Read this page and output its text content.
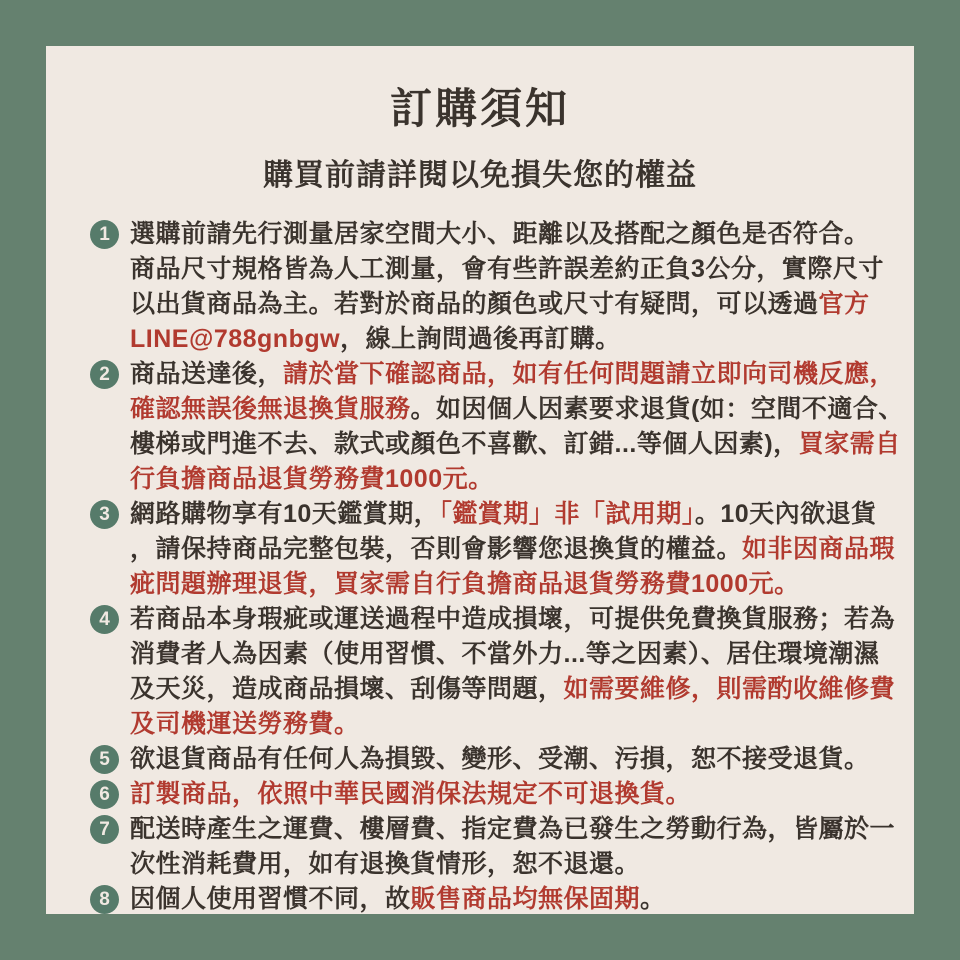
訂購須知
購買前請詳閱以免損失您的權益
1 選購前請先行測量居家空間大小、距離以及搭配之顏色是否符合。
商品尺寸規格皆為人工測量，會有些許誤差約正負3公分，實際尺寸
以出貨商品為主。若對於商品的顏色或尺寸有疑問，可以透過官方
LINE@788gnbgw，線上詢問過後再訂購。
2 商品送達後，請於當下確認商品，如有任何問題請立即向司機反應，
確認無誤後無退換貨服務。如因個人因素要求退貨(如：空間不適合、
樓梯或門進不去、款式或顏色不喜歡、訂錯...等個人因素)，買家需自
行負擔商品退貨勞務費1000元。
3 網路購物享有10天鑑賞期，「鑑賞期」非「試用期」。10天內欲退貨
，請保持商品完整包裝，否則會影響您退換貨的權益。如非因商品瑕
疵問題辦理退貨，買家需自行負擔商品退貨勞務費1000元。
4 若商品本身瑕疵或運送過程中造成損壞，可提供免費換貨服務；若為
消費者人為因素（使用習慣、不當外力...等之因素）、居住環境潮濕
及天災，造成商品損壞、刮傷等問題，如需要維修，則需酌收維修費
及司機運送勞務費。
5 欲退貨商品有任何人為損毀、變形、受潮、污損，恕不接受退貨。
6 訂製商品，依照中華民國消保法規定不可退換貨。
7 配送時產生之運費、樓層費、指定費為已發生之勞動行為，皆屬於一
次性消耗費用，如有退換貨情形，恕不退還。
8 因個人使用習慣不同，故販售商品均無保固期。
